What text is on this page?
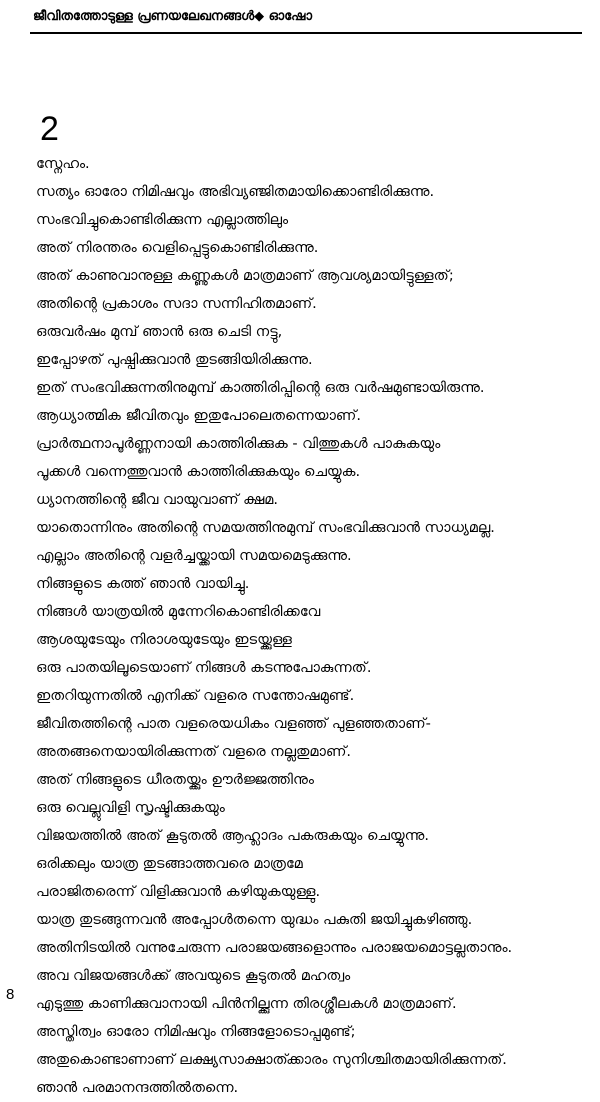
ജീവിതത്തോടുള്ള പ്രണയലേഖനങ്ങൾ◆ ഓഷോ
2
സ്നേഹം.
സത്യം ഓരോ നിമിഷവും അഭിവ്യഞ്ജിതമായിക്കൊണ്ടിരിക്കുന്നു.
സംഭവിച്ചുകൊണ്ടിരിക്കുന്ന എല്ലാത്തിലും
അത് നിരന്തരം വെളിപ്പെട്ടുകൊണ്ടിരിക്കുന്നു.
അത് കാണുവാനുള്ള കണ്ണുകൾ മാത്രമാണ് ആവശ്യമായിട്ടുള്ളത്;
അതിന്റെ പ്രകാശം സദാ സന്നിഹിതമാണ്.
ഒരുവർഷം മുമ്പ് ഞാൻ ഒരു ചെടി നട്ടു,
ഇപ്പോഴത് പുഷ്പിക്കുവാൻ തുടങ്ങിയിരിക്കുന്നു.
ഇത് സംഭവിക്കുന്നതിനുമുമ്പ് കാത്തിരിപ്പിന്റെ ഒരു വർഷമുണ്ടായിരുന്നു.
ആധ്യാത്മിക ജീവിതവും ഇതുപോലെതന്നെയാണ്.
പ്രാർത്ഥനാപൂർണ്ണനായി കാത്തിരിക്കുക - വിത്തുകൾ പാകുകയും
പൂക്കൾ വന്നെത്തുവാൻ കാത്തിരിക്കുകയും ചെയ്യുക.
ധ്യാനത്തിന്റെ ജീവ വായുവാണ് ക്ഷമ.
യാതൊന്നിനും അതിന്റെ സമയത്തിനുമുമ്പ് സംഭവിക്കുവാൻ സാധ്യമല്ല.
എല്ലാം അതിന്റെ വളർച്ചയ്ക്കായി സമയമെടുക്കുന്നു.
നിങ്ങളുടെ കത്ത് ഞാൻ വായിച്ചു.
നിങ്ങൾ യാത്രയിൽ മുന്നേറികൊണ്ടിരിക്കവേ
ആശയുടേയും നിരാശയുടേയും ഇടയ്ക്കുള്ള
ഒരു പാതയിലൂടെയാണ് നിങ്ങൾ കടന്നുപോകുന്നത്.
ഇതറിയുന്നതിൽ എനിക്ക് വളരെ സന്തോഷമുണ്ട്.
ജീവിതത്തിന്റെ പാത വളരെയധികം വളഞ്ഞ് പുളഞ്ഞതാണ്-
അതങ്ങനെയായിരിക്കുന്നത് വളരെ നല്ലതുമാണ്.
അത് നിങ്ങളുടെ ധീരതയ്ക്കും ഊർജ്ജത്തിനും
ഒരു വെല്ലുവിളി സൃഷ്ടിക്കുകയും
വിജയത്തിൽ അത് കൂടുതൽ ആഹ്ലാദം പകരുകയും ചെയ്യുന്നു.
ഒരിക്കലും യാത്ര തുടങ്ങാത്തവരെ മാത്രമേ
പരാജിതരെന്ന് വിളിക്കുവാൻ കഴിയുകയുള്ളു.
യാത്ര തുടങ്ങുന്നവൻ അപ്പോൾതന്നെ യുദ്ധം പകുതി ജയിച്ചുകഴിഞ്ഞു.
അതിനിടയിൽ വന്നുചേരുന്ന പരാജയങ്ങളൊന്നും പരാജയമൊട്ടല്ലതാനും.
അവ വിജയങ്ങൾക്ക് അവയുടെ കൂടുതൽ മഹത്വം
എടുത്തു കാണിക്കുവാനായി പിൻനില്ക്കുന്ന തിരശ്ശീലകൾ മാത്രമാണ്.
അസ്തിത്വം ഓരോ നിമിഷവും നിങ്ങളോടൊപ്പമുണ്ട്;
അതുകൊണ്ടാണാണ് ലക്ഷ്യസാക്ഷാത്ക്കാരം സുനിശ്ചിതമായിരിക്കുന്നത്.
ഞാൻ പരമാനന്ദത്തിൽതന്നെ.
8
